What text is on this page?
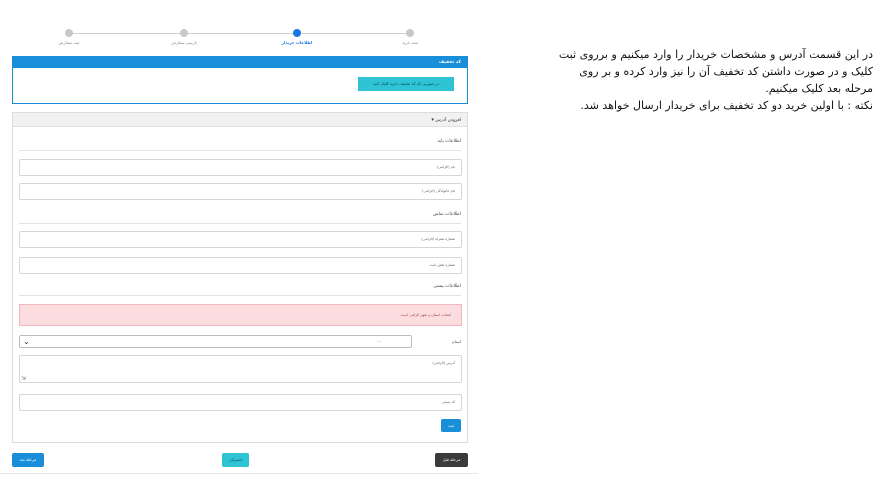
سبد خرید
اطلاعات خریدار
بازبینی سفارش
ثبت سفارش
کد تخفیف
در صورتی که کد تخفیف دارید کلیک کنید
افزودن آدرس ▾
اطلاعات پایه
نام (الزامی)
نام خانوادگی (الزامی)
اطلاعات تماس
شماره همراه (الزامی)
شماره تلفن ثابت
اطلاعات پستی
انتخاب استان و شهر الزامی است
استان
...
⌄
آدرس (الزامی)
⇲
کد پستی
ثبت
مرحله بعد	انصراف	مرحله قبل
در این قسمت آدرس و مشخصات خریدار را وارد میکنیم و برروی ثبت
کلیک و در صورت داشتن کد تخفیف آن را نیز وارد کرده و بر روی
مرحله بعد کلیک میکنیم.
نکته : با اولین خرید دو کد تخفیف برای خریدار ارسال خواهد شد.
